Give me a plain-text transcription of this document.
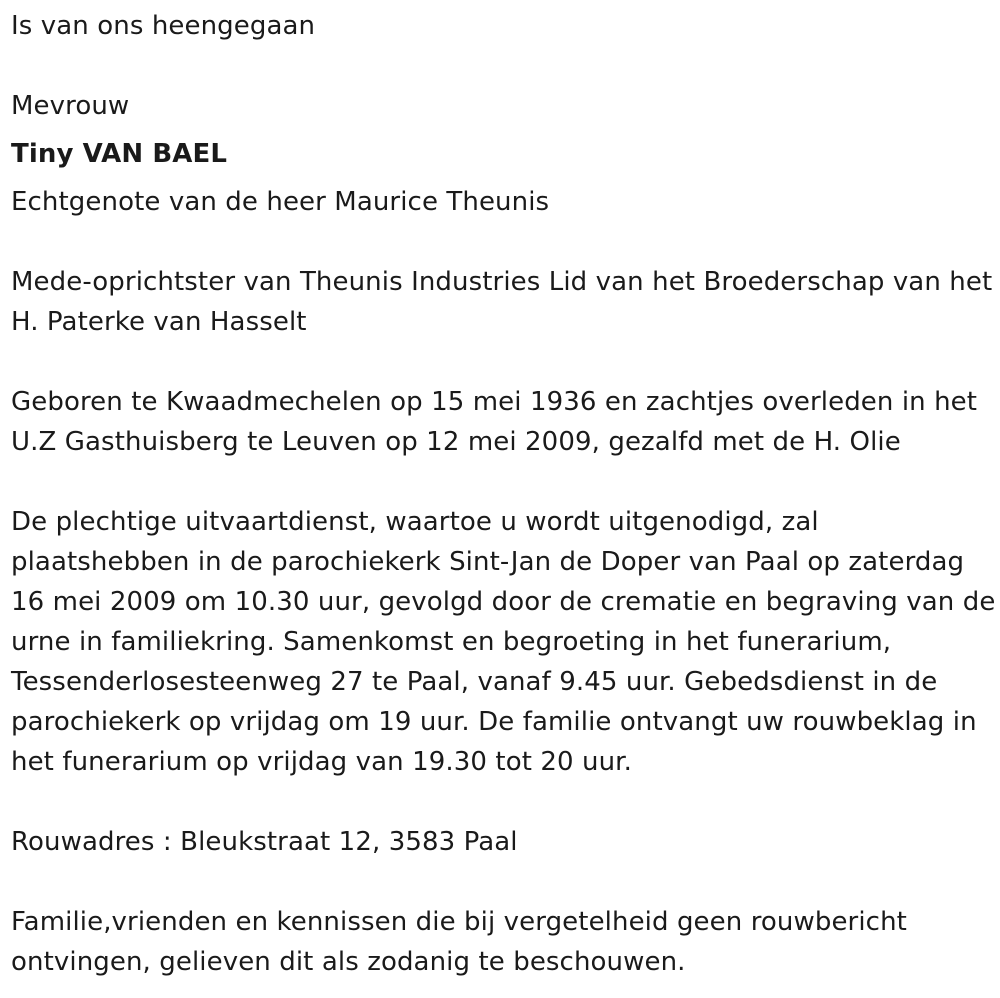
Is van ons heengegaan

Mevrouw

Tiny VAN BAEL

Echtgenote van de heer Maurice Theunis

Mede-oprichtster van Theunis Industries Lid van het Broederschap van het H. Paterke van Hasselt

Geboren te Kwaadmechelen op 15 mei 1936 en zachtjes overleden in het U.Z Gasthuisberg te Leuven op 12 mei 2009, gezalfd met de H. Olie

De plechtige uitvaartdienst, waartoe u wordt uitgenodigd, zal plaatshebben in de parochiekerk Sint-Jan de Doper van Paal op zaterdag 16 mei 2009 om 10.30 uur, gevolgd door de crematie en begraving van de urne in familiekring. Samenkomst en begroeting in het funerarium, Tessenderlosesteenweg 27 te Paal, vanaf 9.45 uur. Gebedsdienst in de parochiekerk op vrijdag om 19 uur. De familie ontvangt uw rouwbeklag in het funerarium op vrijdag van 19.30 tot 20 uur.

Rouwadres : Bleukstraat 12, 3583 Paal

Familie,vrienden en kennissen die bij vergetelheid geen rouwbericht ontvingen, gelieven dit als zodanig te beschouwen.
